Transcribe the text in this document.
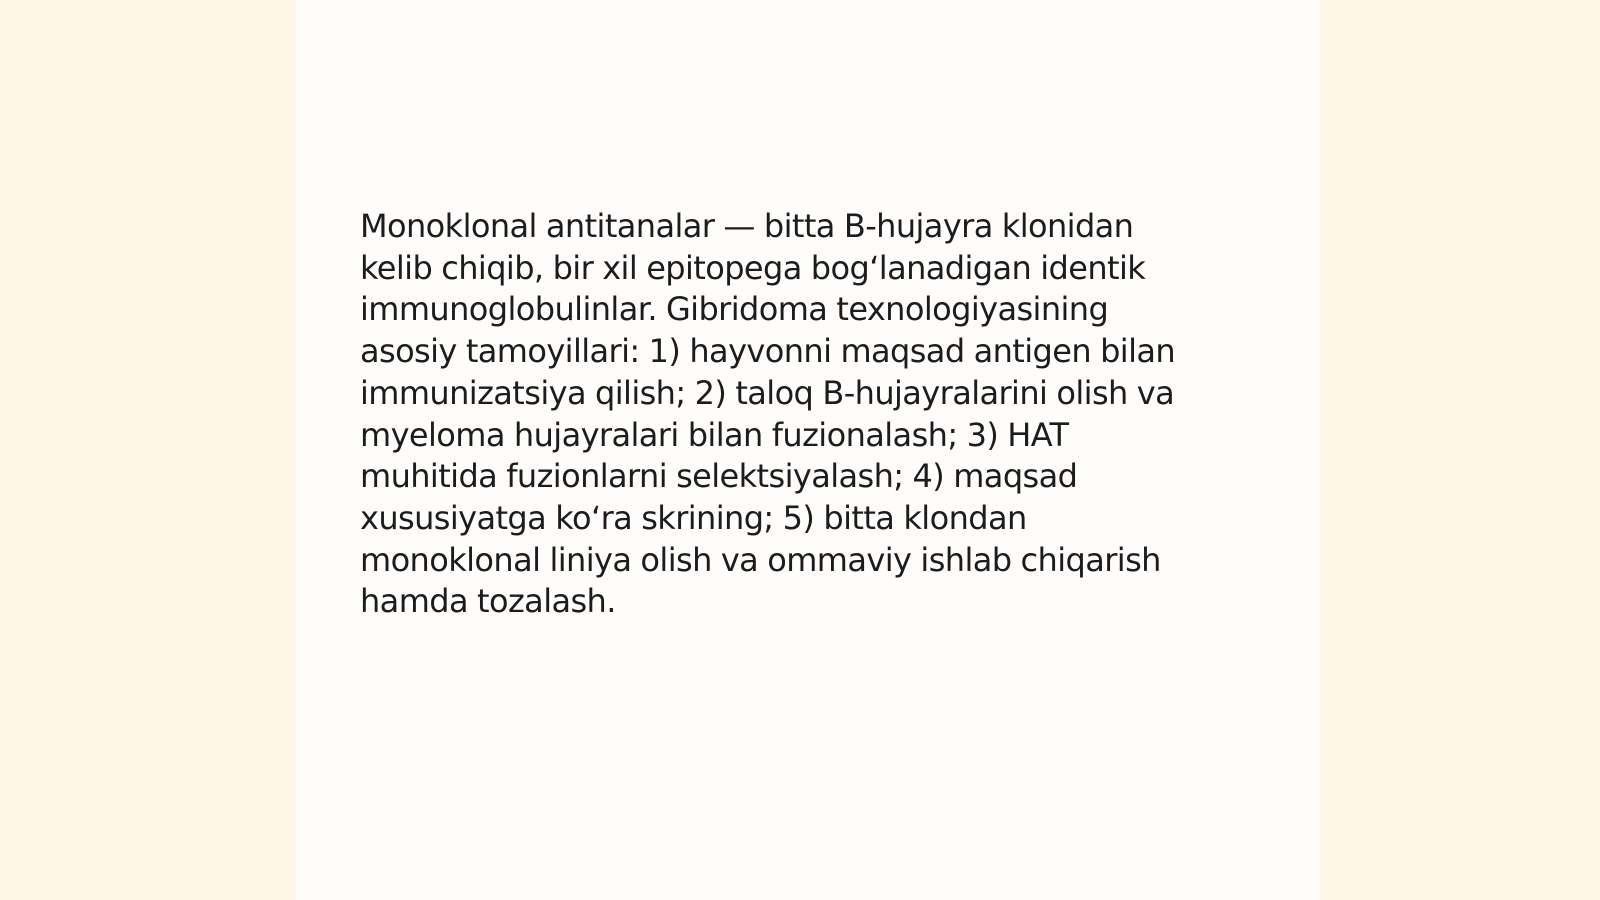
Monoklonal antitanalar — bitta B-hujayra klonidan
kelib chiqib, bir xil epitopega bogʻlanadigan identik
immunoglobulinlar. Gibridoma texnologiyasining
asosiy tamoyillari: 1) hayvonni maqsad antigen bilan
immunizatsiya qilish; 2) taloq B-hujayralarini olish va
myeloma hujayralari bilan fuzionalash; 3) HAT
muhitida fuzionlarni selektsiyalash; 4) maqsad
xususiyatga koʻra skrining; 5) bitta klondan
monoklonal liniya olish va ommaviy ishlab chiqarish
hamda tozalash.
